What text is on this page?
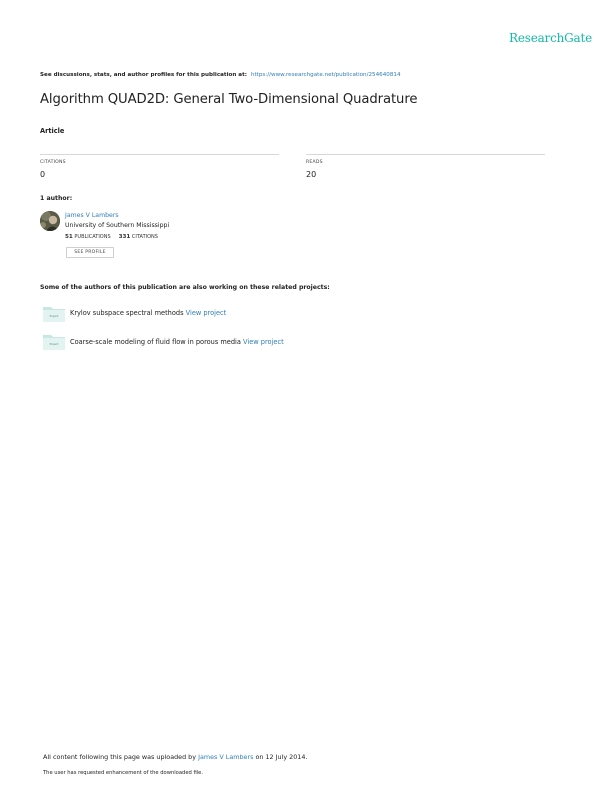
ResearchGate
See discussions, stats, and author profiles for this publication at: https://www.researchgate.net/publication/254640814
Algorithm QUAD2D: General Two-Dimensional Quadrature
Article
CITATIONS
0
READS
20
1 author:
James V Lambers
University of Southern Mississippi
51 PUBLICATIONS 331 CITATIONS
SEE PROFILE
Some of the authors of this publication are also working on these related projects:
Project Krylov subspace spectral methods View project
Project Coarse-scale modeling of fluid flow in porous media View project
All content following this page was uploaded by James V Lambers on 12 July 2014.
The user has requested enhancement of the downloaded file.
